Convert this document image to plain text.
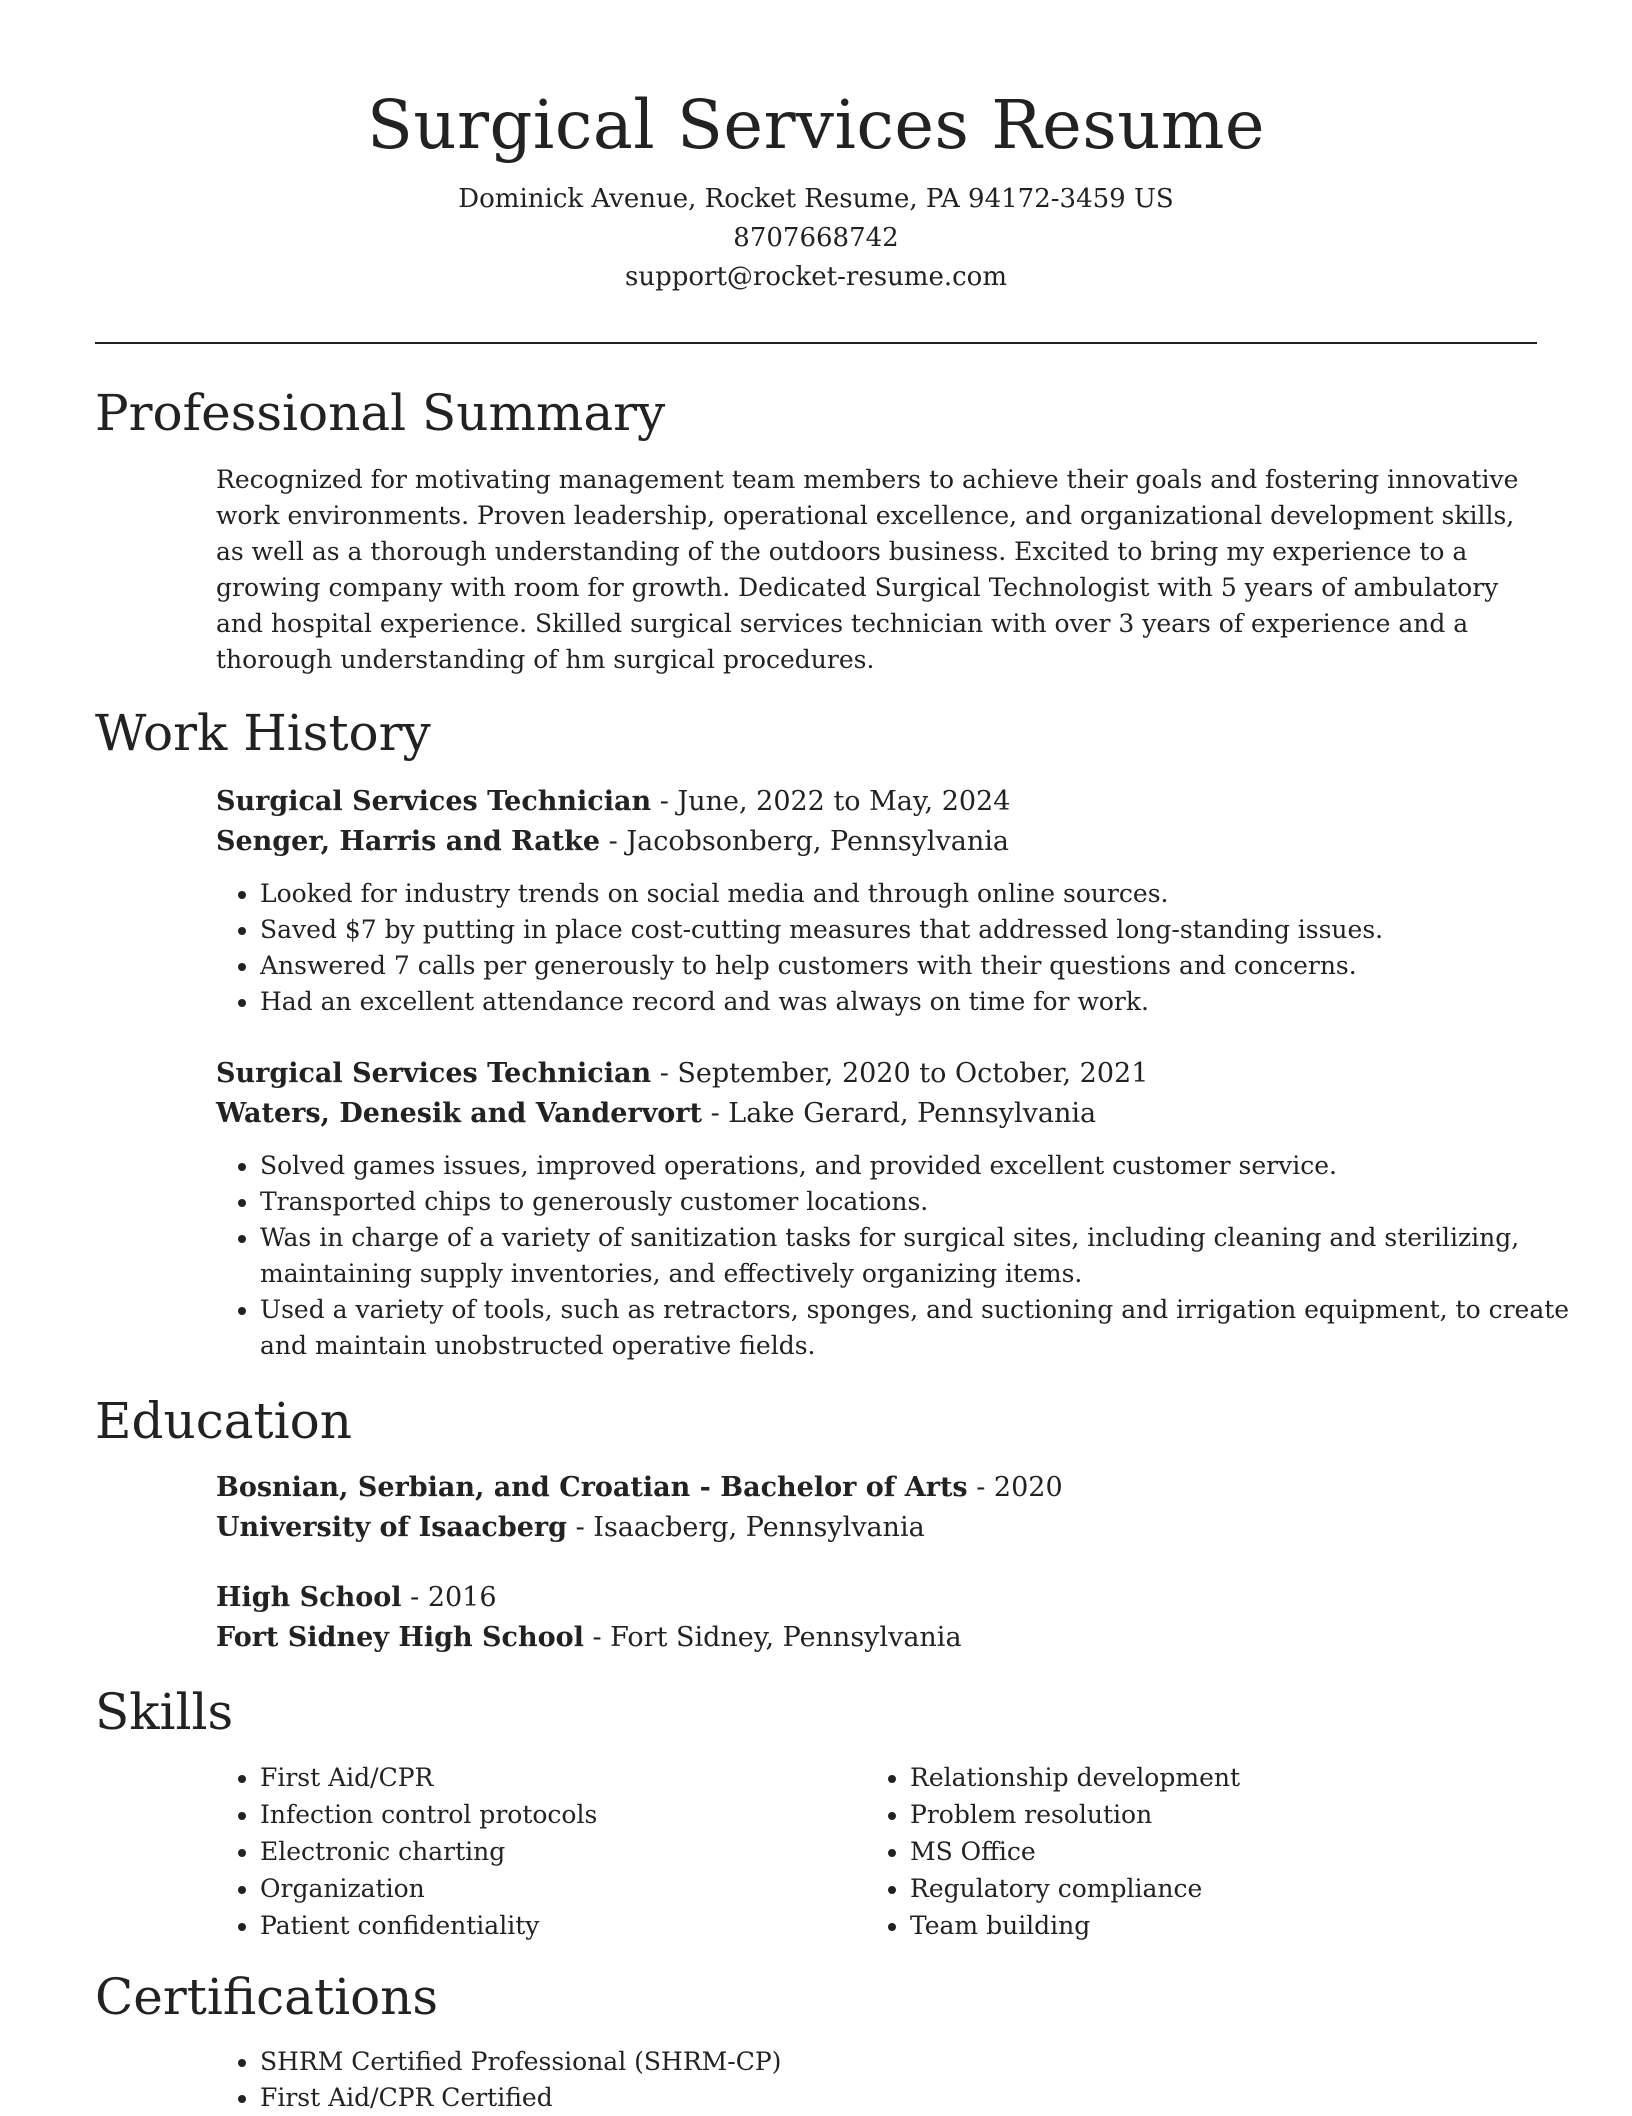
Surgical Services Resume

Dominick Avenue, Rocket Resume, PA 94172-3459 US

8707668742

support@rocket-resume.com

Professional Summary

Recognized for motivating management team members to achieve their goals and fostering innovative work environments. Proven leadership, operational excellence, and organizational development skills, as well as a thorough understanding of the outdoors business. Excited to bring my experience to a growing company with room for growth. Dedicated Surgical Technologist with 5 years of ambulatory and hospital experience. Skilled surgical services technician with over 3 years of experience and a thorough understanding of hm surgical procedures.

Work History

Surgical Services Technician - June, 2022 to May, 2024

Senger, Harris and Ratke - Jacobsonberg, Pennsylvania

• Looked for industry trends on social media and through online sources.
• Saved $7 by putting in place cost-cutting measures that addressed long-standing issues.
• Answered 7 calls per generously to help customers with their questions and concerns.
• Had an excellent attendance record and was always on time for work.

Surgical Services Technician - September, 2020 to October, 2021

Waters, Denesik and Vandervort - Lake Gerard, Pennsylvania

• Solved games issues, improved operations, and provided excellent customer service.
• Transported chips to generously customer locations.
• Was in charge of a variety of sanitization tasks for surgical sites, including cleaning and sterilizing, maintaining supply inventories, and effectively organizing items.
• Used a variety of tools, such as retractors, sponges, and suctioning and irrigation equipment, to create and maintain unobstructed operative fields.
Education

Bosnian, Serbian, and Croatian - Bachelor of Arts - 2020

University of Isaacberg - Isaacberg, Pennsylvania

High School - 2016

Fort Sidney High School - Fort Sidney, Pennsylvania

Skills
• First Aid/CPR
• Infection control protocols
• Electronic charting
• Organization
• Patient confidentiality
• Relationship development
• Problem resolution
• MS Office
• Regulatory compliance
• Team building
Certifications
• SHRM Certified Professional (SHRM-CP)
• First Aid/CPR Certified
